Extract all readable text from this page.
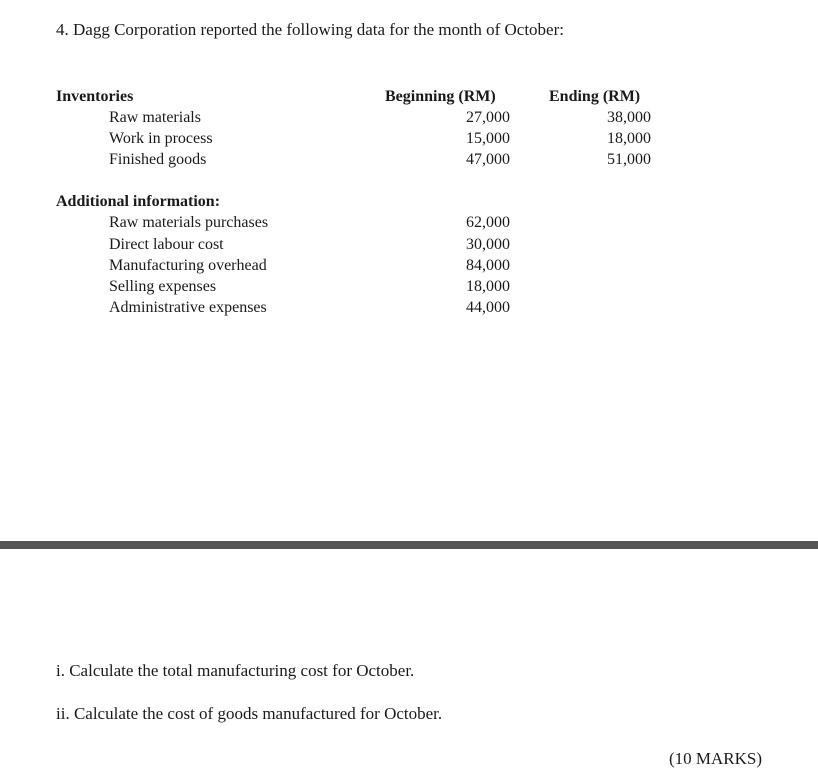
4. Dagg Corporation reported the following data for the month of October:
Inventories	Beginning (RM)	Ending (RM)
Raw materials	27,000	38,000
Work in process	15,000	18,000
Finished goods	47,000	51,000
Additional information:
Raw materials purchases	62,000
Direct labour cost	30,000
Manufacturing overhead	84,000
Selling expenses	18,000
Administrative expenses	44,000
i. Calculate the total manufacturing cost for October.
ii. Calculate the cost of goods manufactured for October.
(10 MARKS)
